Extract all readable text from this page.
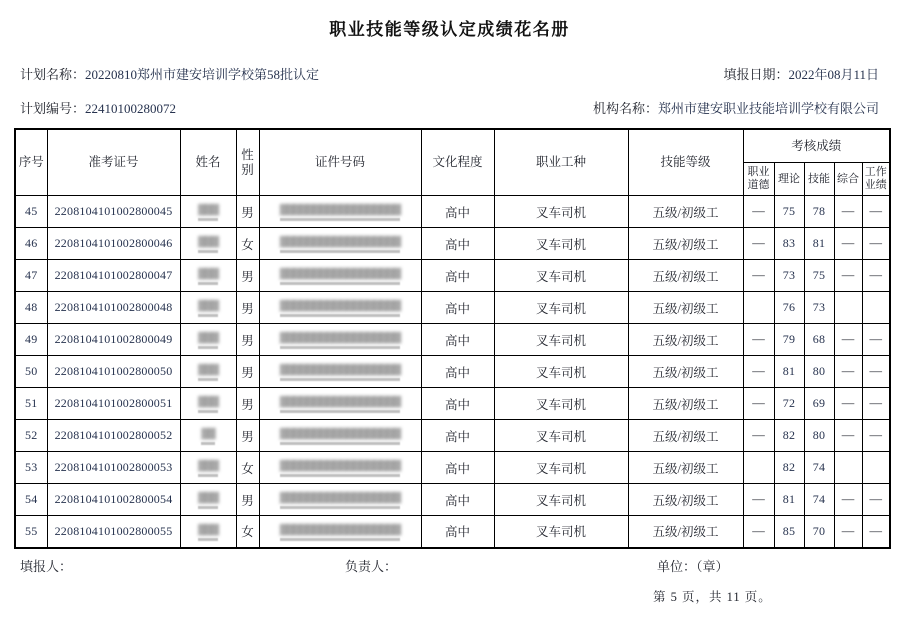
职业技能等级认定成绩花名册
计划名称：20220810郑州市建安培训学校第58批认定	填报日期：2022年08月11日
计划编号：22410100280072	机构名称：郑州市建安职业技能培训学校有限公司
序号	准考证号	姓名	性别	证件号码	文化程度	职业工种	技能等级	考核成绩				
								职业道德	理论	技能	综合	工作业绩
45	2208104101002800045	▓▓▓	男	▓▓▓▓▓▓▓▓▓▓▓▓▓▓▓▓▓▓	高中	叉车司机	五级/初级工	—	75	78	—	—
46	2208104101002800046	▓▓▓	女	▓▓▓▓▓▓▓▓▓▓▓▓▓▓▓▓▓▓	高中	叉车司机	五级/初级工	—	83	81	—	—
47	2208104101002800047	▓▓▓	男	▓▓▓▓▓▓▓▓▓▓▓▓▓▓▓▓▓▓	高中	叉车司机	五级/初级工	—	73	75	—	—
48	2208104101002800048	▓▓▓	男	▓▓▓▓▓▓▓▓▓▓▓▓▓▓▓▓▓▓	高中	叉车司机	五级/初级工		76	73		
49	2208104101002800049	▓▓▓	男	▓▓▓▓▓▓▓▓▓▓▓▓▓▓▓▓▓▓	高中	叉车司机	五级/初级工	—	79	68	—	—
50	2208104101002800050	▓▓▓	男	▓▓▓▓▓▓▓▓▓▓▓▓▓▓▓▓▓▓	高中	叉车司机	五级/初级工	—	81	80	—	—
51	2208104101002800051	▓▓▓	男	▓▓▓▓▓▓▓▓▓▓▓▓▓▓▓▓▓▓	高中	叉车司机	五级/初级工	—	72	69	—	—
52	2208104101002800052	▓▓	男	▓▓▓▓▓▓▓▓▓▓▓▓▓▓▓▓▓▓	高中	叉车司机	五级/初级工	—	82	80	—	—
53	2208104101002800053	▓▓▓	女	▓▓▓▓▓▓▓▓▓▓▓▓▓▓▓▓▓▓	高中	叉车司机	五级/初级工		82	74		
54	2208104101002800054	▓▓▓	男	▓▓▓▓▓▓▓▓▓▓▓▓▓▓▓▓▓▓	高中	叉车司机	五级/初级工	—	81	74	—	—
55	2208104101002800055	▓▓▓	女	▓▓▓▓▓▓▓▓▓▓▓▓▓▓▓▓▓▓	高中	叉车司机	五级/初级工	—	85	70	—	—
填报人：	负责人：	单位：（章）
第 5 页，共 11 页。
